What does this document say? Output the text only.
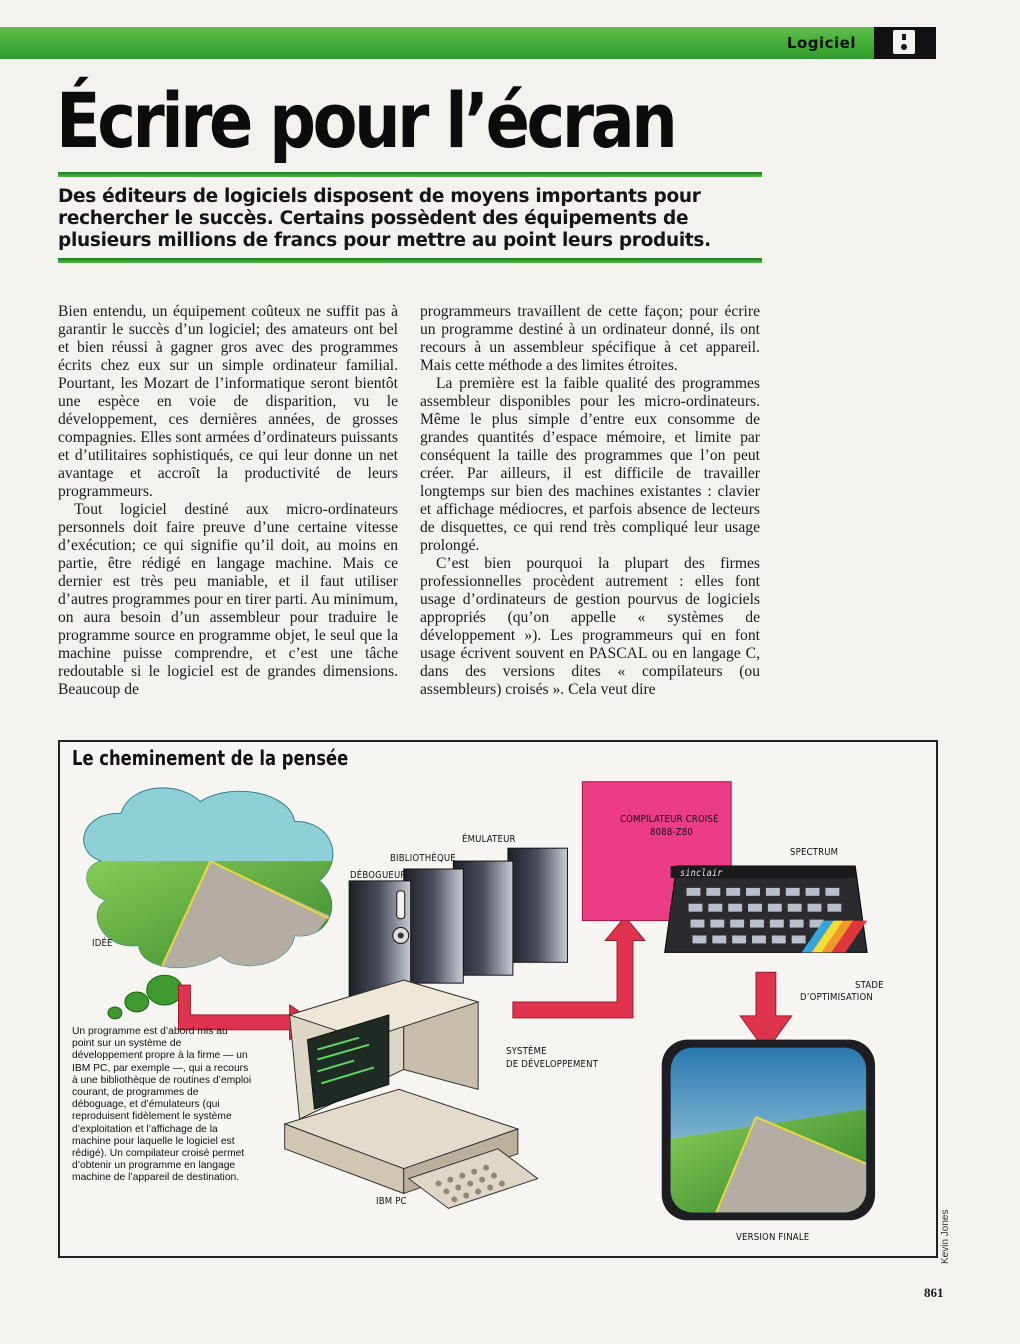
Logiciel
Écrire pour l’écran

Des éditeurs de logiciels disposent de moyens importants pour rechercher le succès. Certains possèdent des équipements de plusieurs millions de francs pour mettre au point leurs produits.

Bien entendu, un équipement coûteux ne suffit pas à garantir le succès d’un logiciel; des amateurs ont bel et bien réussi à gagner gros avec des programmes écrits chez eux sur un simple ordinateur familial. Pourtant, les Mozart de l’informatique seront bientôt une espèce en voie de disparition, vu le développement, ces dernières années, de grosses compagnies. Elles sont armées d’ordinateurs puissants et d’utilitaires sophistiqués, ce qui leur donne un net avantage et accroît la productivité de leurs programmeurs.

Tout logiciel destiné aux micro-ordinateurs personnels doit faire preuve d’une certaine vitesse d’exécution; ce qui signifie qu’il doit, au moins en partie, être rédigé en langage machine. Mais ce dernier est très peu maniable, et il faut utiliser d’autres programmes pour en tirer parti. Au minimum, on aura besoin d’un assembleur pour traduire le programme source en programme objet, le seul que la machine puisse comprendre, et c’est une tâche redoutable si le logiciel est de grandes dimensions. Beaucoup de

programmeurs travaillent de cette façon; pour écrire un programme destiné à un ordinateur donné, ils ont recours à un assembleur spécifique à cet appareil. Mais cette méthode a des limites étroites.

La première est la faible qualité des programmes assembleur disponibles pour les micro-ordinateurs. Même le plus simple d’entre eux consomme de grandes quantités d’espace mémoire, et limite par conséquent la taille des programmes que l’on peut créer. Par ailleurs, il est difficile de travailler longtemps sur bien des machines existantes : clavier et affichage médiocres, et parfois absence de lecteurs de disquettes, ce qui rend très compliqué leur usage prolongé.

C’est bien pourquoi la plupart des firmes professionnelles procèdent autrement : elles font usage d’ordinateurs de gestion pourvus de logiciels appropriés (qu’on appelle « systèmes de développement »). Les programmeurs qui en font usage écrivent souvent en PASCAL ou en langage C, dans des versions dites « compilateurs (ou assembleurs) croisés ». Cela veut dire

Le cheminement de la pensée
IDÉE
ÉMULATEUR
BIBLIOTHÈQUE
DÉBOGUEUR
COMPILATEUR CROISÉ
8088-Z80
sinclair
SPECTRUM
STADE
D’OPTIMISATION
SYSTÈME
DE DÉVELOPPEMENT
IBM PC
VERSION FINALE
Un programme est d’abord mis au point sur un système de développement propre à la firme — un IBM PC, par exemple —, qui a recours à une bibliothèque de routines d’emploi courant, de programmes de déboguage, et d’émulateurs (qui reproduisent fidèlement le système d’exploitation et l’affichage de la machine pour laquelle le logiciel est rédigé). Un compilateur croisé permet d’obtenir un programme en langage machine de l’appareil de destination.
Kevin Jones
861
